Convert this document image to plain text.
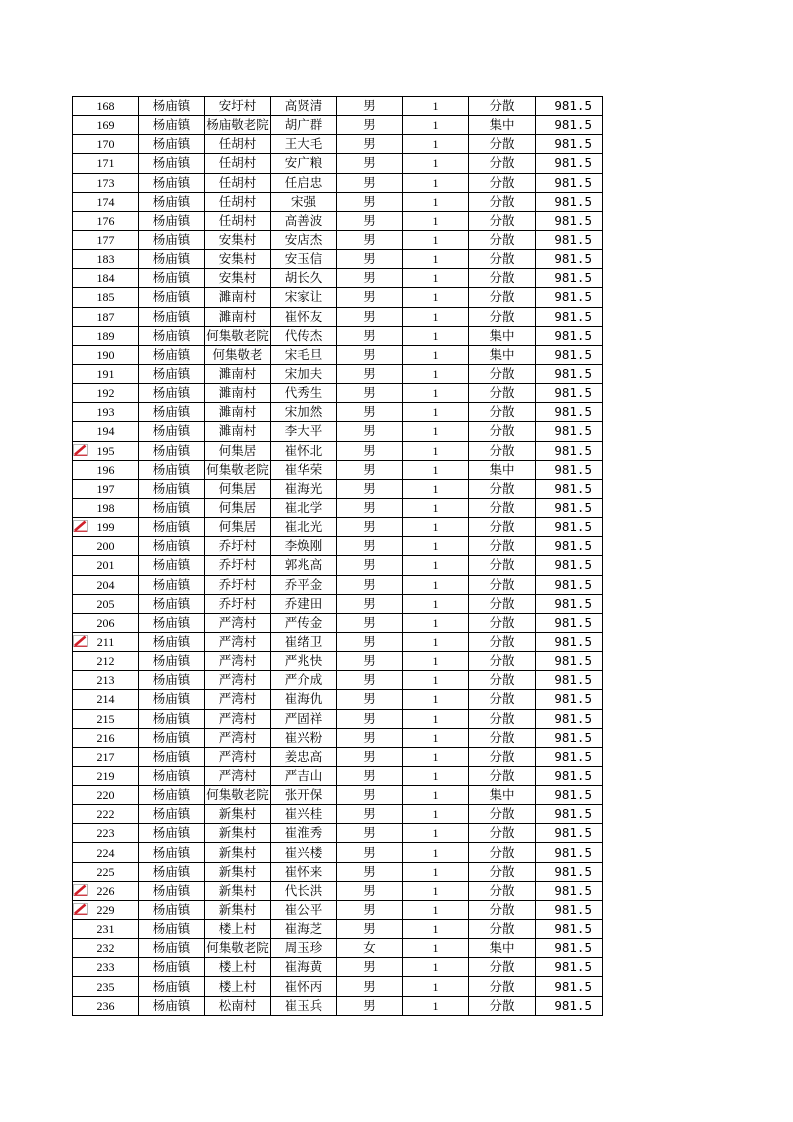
168	杨庙镇	安圩村	高贤清	男	1	分散	981.5
169	杨庙镇	杨庙敬老院	胡广群	男	1	集中	981.5
170	杨庙镇	任胡村	王大毛	男	1	分散	981.5
171	杨庙镇	任胡村	安广粮	男	1	分散	981.5
173	杨庙镇	任胡村	任启忠	男	1	分散	981.5
174	杨庙镇	任胡村	宋强	男	1	分散	981.5
176	杨庙镇	任胡村	高善波	男	1	分散	981.5
177	杨庙镇	安集村	安店杰	男	1	分散	981.5
183	杨庙镇	安集村	安玉信	男	1	分散	981.5
184	杨庙镇	安集村	胡长久	男	1	分散	981.5
185	杨庙镇	濉南村	宋家让	男	1	分散	981.5
187	杨庙镇	濉南村	崔怀友	男	1	分散	981.5
189	杨庙镇	何集敬老院	代传杰	男	1	集中	981.5
190	杨庙镇	何集敬老	宋毛旦	男	1	集中	981.5
191	杨庙镇	濉南村	宋加夫	男	1	分散	981.5
192	杨庙镇	濉南村	代秀生	男	1	分散	981.5
193	杨庙镇	濉南村	宋加然	男	1	分散	981.5
194	杨庙镇	濉南村	李大平	男	1	分散	981.5
195	杨庙镇	何集居	崔怀北	男	1	分散	981.5
196	杨庙镇	何集敬老院	崔华荣	男	1	集中	981.5
197	杨庙镇	何集居	崔海光	男	1	分散	981.5
198	杨庙镇	何集居	崔北学	男	1	分散	981.5
199	杨庙镇	何集居	崔北光	男	1	分散	981.5
200	杨庙镇	乔圩村	李焕刚	男	1	分散	981.5
201	杨庙镇	乔圩村	郭兆高	男	1	分散	981.5
204	杨庙镇	乔圩村	乔平金	男	1	分散	981.5
205	杨庙镇	乔圩村	乔建田	男	1	分散	981.5
206	杨庙镇	严湾村	严传金	男	1	分散	981.5
211	杨庙镇	严湾村	崔绪卫	男	1	分散	981.5
212	杨庙镇	严湾村	严兆快	男	1	分散	981.5
213	杨庙镇	严湾村	严介成	男	1	分散	981.5
214	杨庙镇	严湾村	崔海仇	男	1	分散	981.5
215	杨庙镇	严湾村	严固祥	男	1	分散	981.5
216	杨庙镇	严湾村	崔兴粉	男	1	分散	981.5
217	杨庙镇	严湾村	姜忠高	男	1	分散	981.5
219	杨庙镇	严湾村	严吉山	男	1	分散	981.5
220	杨庙镇	何集敬老院	张开保	男	1	集中	981.5
222	杨庙镇	新集村	崔兴桂	男	1	分散	981.5
223	杨庙镇	新集村	崔淮秀	男	1	分散	981.5
224	杨庙镇	新集村	崔兴楼	男	1	分散	981.5
225	杨庙镇	新集村	崔怀来	男	1	分散	981.5
226	杨庙镇	新集村	代长洪	男	1	分散	981.5
229	杨庙镇	新集村	崔公平	男	1	分散	981.5
231	杨庙镇	楼上村	崔海芝	男	1	分散	981.5
232	杨庙镇	何集敬老院	周玉珍	女	1	集中	981.5
233	杨庙镇	楼上村	崔海黄	男	1	分散	981.5
235	杨庙镇	楼上村	崔怀丙	男	1	分散	981.5
236	杨庙镇	松南村	崔玉兵	男	1	分散	981.5
